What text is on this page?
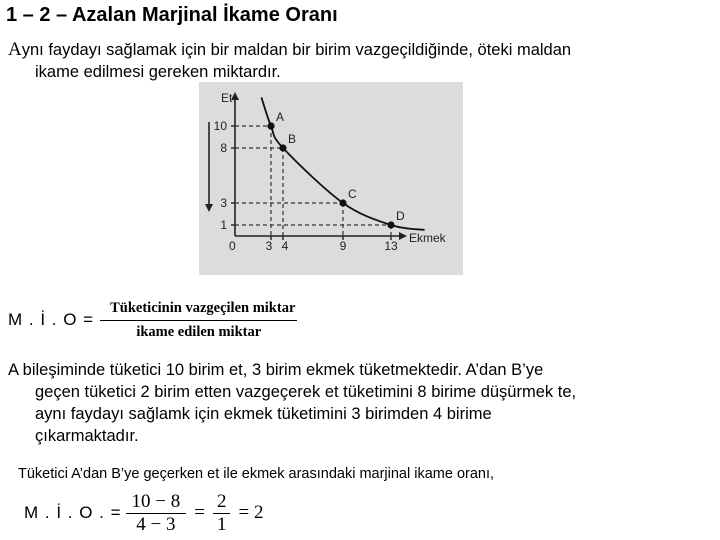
1 – 2 – Azalan Marjinal İkame Oranı
Aynı faydayı sağlamak için bir maldan bir birim vazgeçildiğinde, öteki maldan
ikame edilmesi gereken miktardır.
Et
Ekmek
0
10
3
8
4
3
9
1
13
A
B
C
D
M . İ . $O = \frac{\text{Tüketicinin vazgeçilen miktar}}{\text{ikame edilen miktar}}$
A bileşiminde tüketici 10 birim et, 3 birim ekmek tüketmektedir. A’dan B’ye
geçen tüketici 2 birim etten vazgeçerek et tüketimini 8 birime düşürmek te,
aynı faydayı sağlamk için ekmek tüketimini 3 birimden 4 birime
çıkarmaktadır.
Tüketici A’dan B’ye geçerken et ile ekmek arasındaki marjinal ikame oranı,
M . İ . O . = $\frac{10 - 8}{4 - 3} = \frac{2}{1} = 2$
